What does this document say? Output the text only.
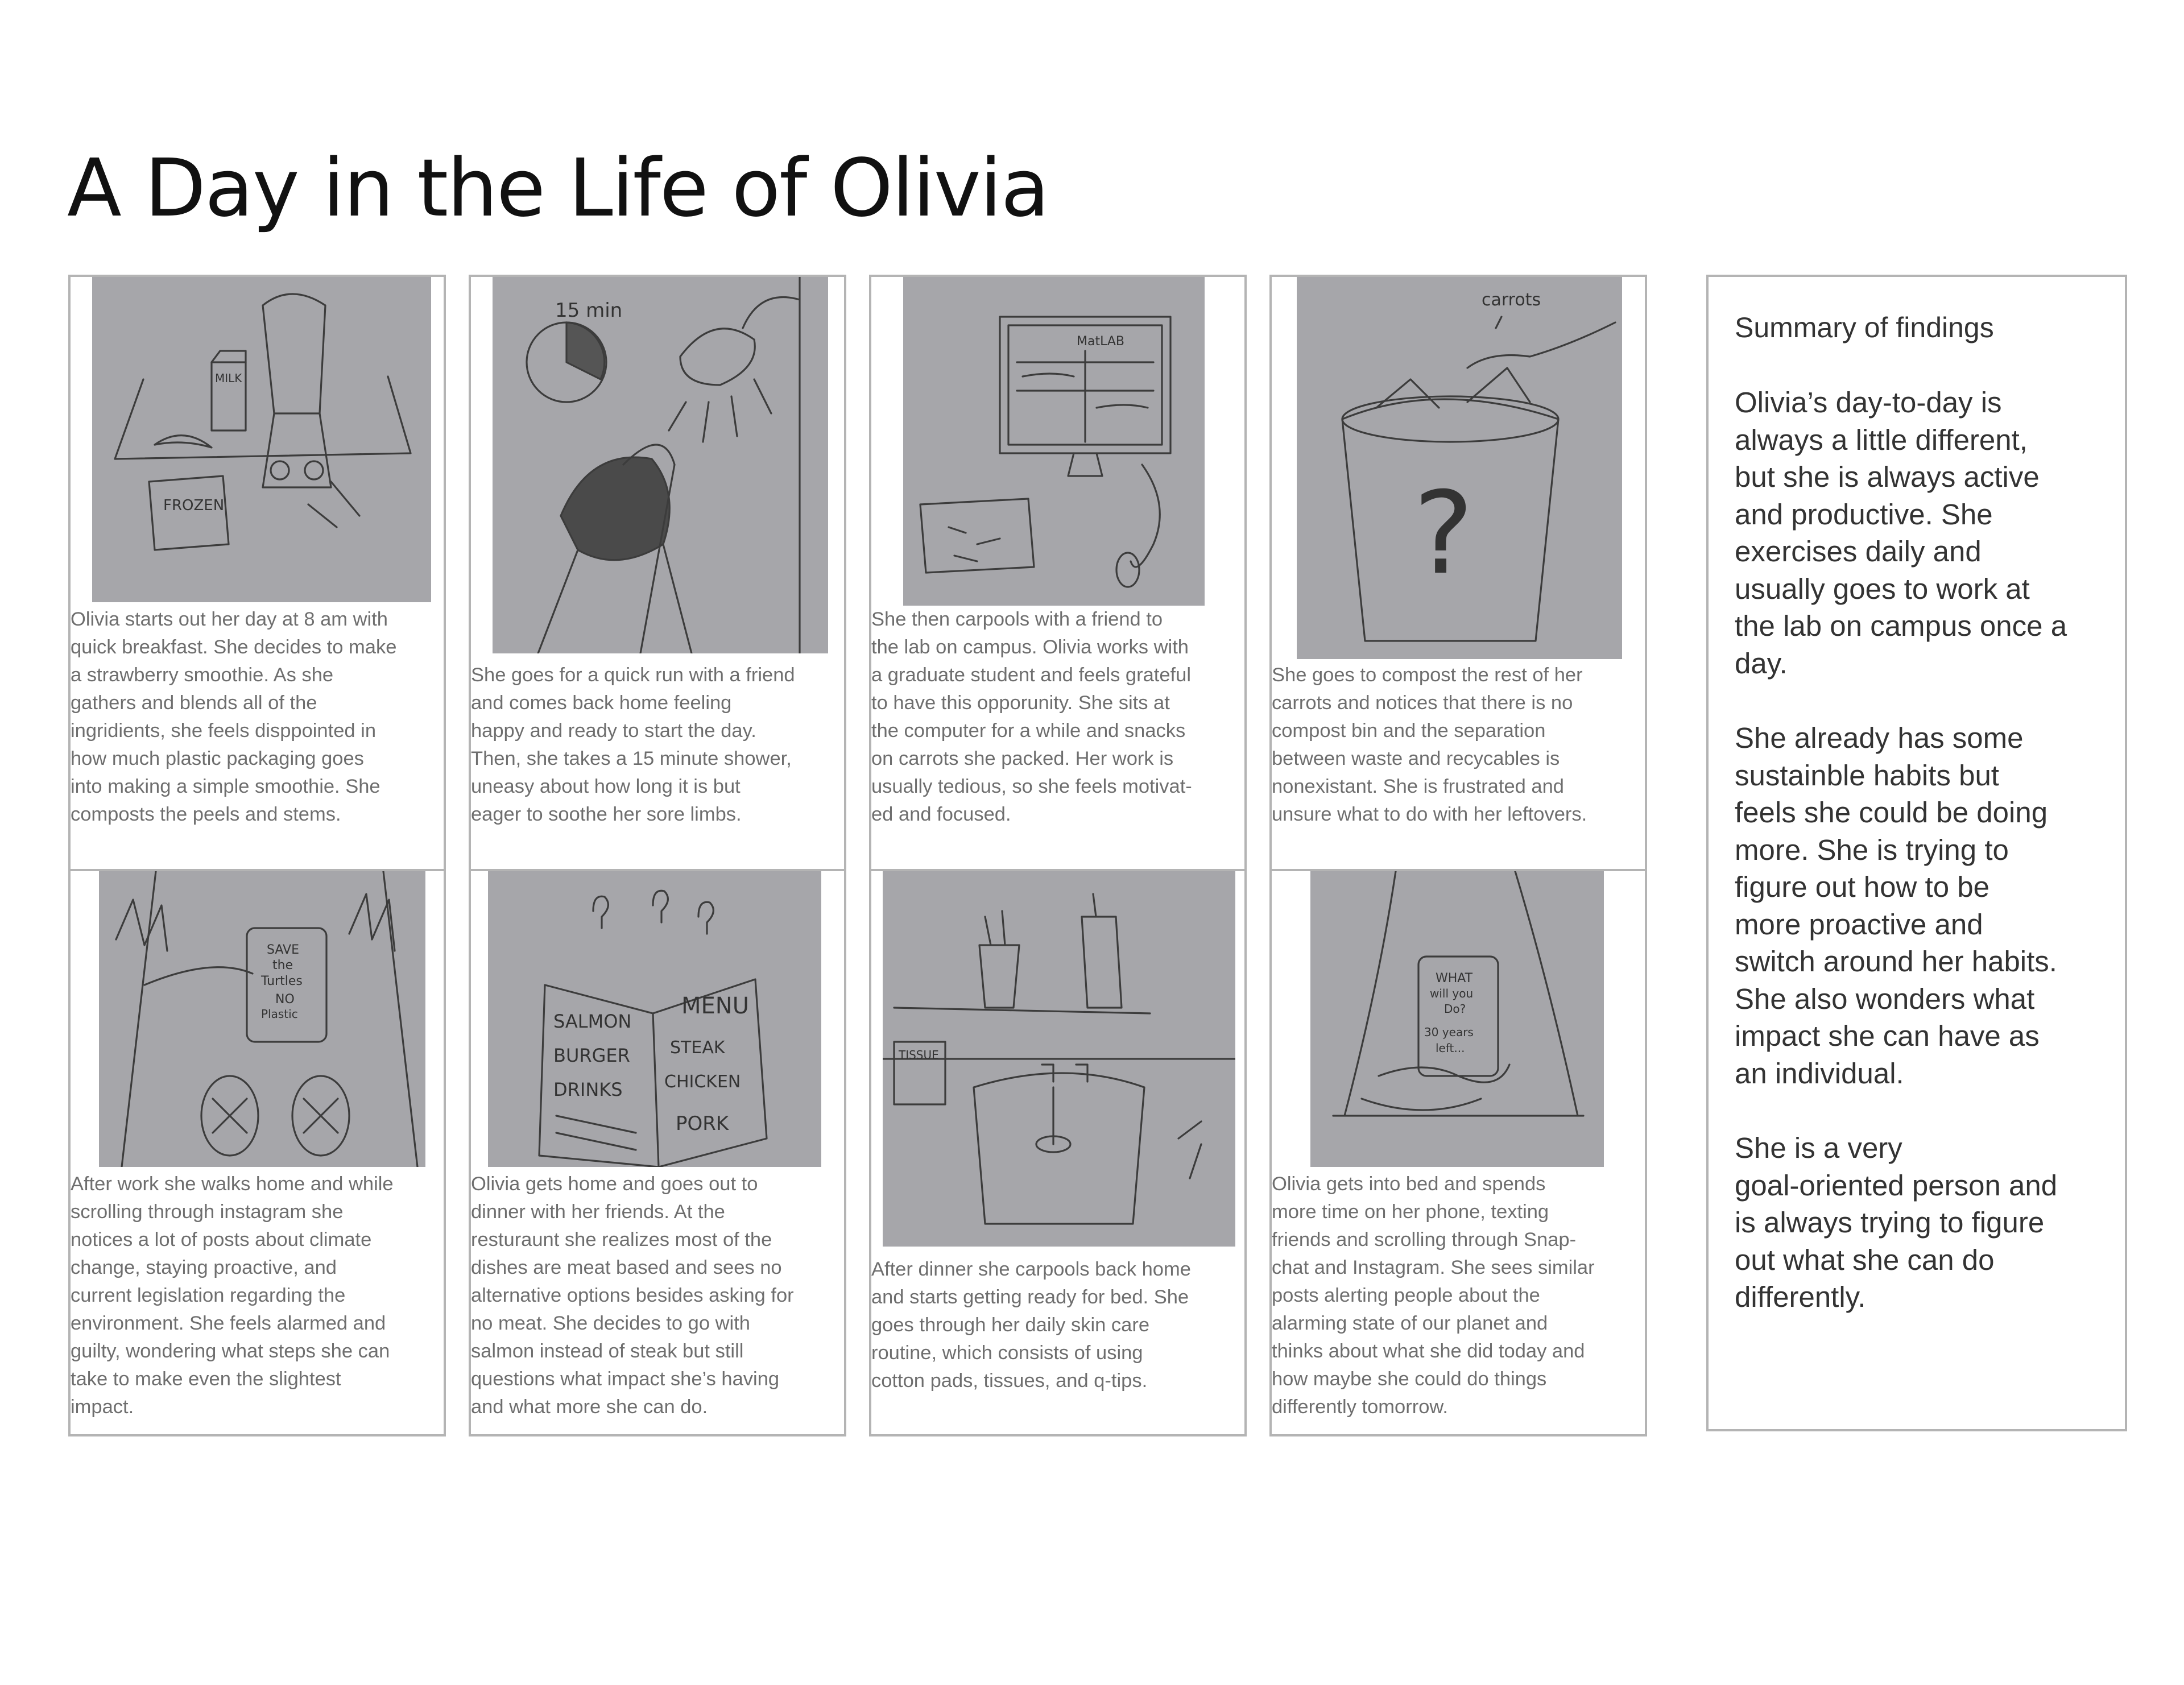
A Day in the Life of Olivia
MILK
FROZEN

Olivia starts out her day at 8 am with
quick breakfast. She decides to make
a strawberry smoothie. As she
gathers and blends all of the
ingridients, she feels disppointed in
how much plastic packaging goes
into making a simple smoothie. She
composts the peels and stems.

15 min

She goes for a quick run with a friend
and comes back home feeling
happy and ready to start the day.
Then, she takes a 15 minute shower,
uneasy about how long it is but
eager to soothe her sore limbs.

MatLAB

She then carpools with a friend to
the lab on campus. Olivia works with
a graduate student and feels grateful
to have this opporunity. She sits at
the computer for a while and snacks
on carrots she packed. Her work is
usually tedious, so she feels motivat-
ed and focused.

carrots
?

She goes to compost the rest of her
carrots and notices that there is no
compost bin and the separation
between waste and recycables is
nonexistant. She is frustrated and
unsure what to do with her leftovers.

SAVE
the
Turtles
NO
Plastic

After work she walks home and while
scrolling through instagram she
notices a lot of posts about climate
change, staying proactive, and
current legislation regarding the
environment. She feels alarmed and
guilty, wondering what steps she can
take to make even the slightest
impact.

SALMON
BURGER
DRINKS
MENU
STEAK
CHICKEN
PORK

Olivia gets home and goes out to
dinner with her friends. At the
resturaunt she realizes most of the
dishes are meat based and sees no
alternative options besides asking for
no meat. She decides to go with
salmon instead of steak but still
questions what impact she’s having
and what more she can do.

TISSUE

After dinner she carpools back home
and starts getting ready for bed. She
goes through her daily skin care
routine, which consists of using
cotton pads, tissues, and q-tips.

WHAT
will you
Do?
30 years
left...

Olivia gets into bed and spends
more time on her phone, texting
friends and scrolling through Snap-
chat and Instagram. She sees similar
posts alerting people about the
alarming state of our planet and
thinks about what she did today and
how maybe she could do things
differently tomorrow.

Summary of findings

Olivia’s day-to-day is
always a little different,
but she is always active
and productive. She
exercises daily and
usually goes to work at
the lab on campus once a
day.

She already has some
sustainble habits but
feels she could be doing
more. She is trying to
figure out how to be
more proactive and
switch around her habits.
She also wonders what
impact she can have as
an individual.

She is a very
goal-oriented person and
is always trying to figure
out what she can do
differently.
